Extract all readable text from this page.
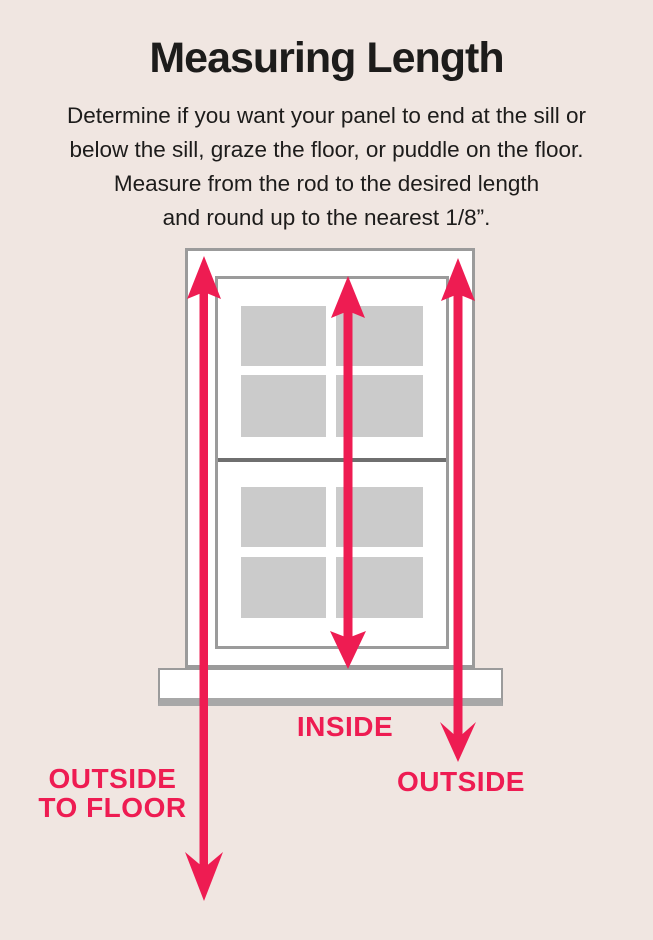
Measuring Length
Determine if you want your panel to end at the sill or
below the sill, graze the floor, or puddle on the floor.
Measure from the rod to the desired length
and round up to the nearest 1/8”.
INSIDE
OUTSIDE
OUTSIDE
TO FLOOR
